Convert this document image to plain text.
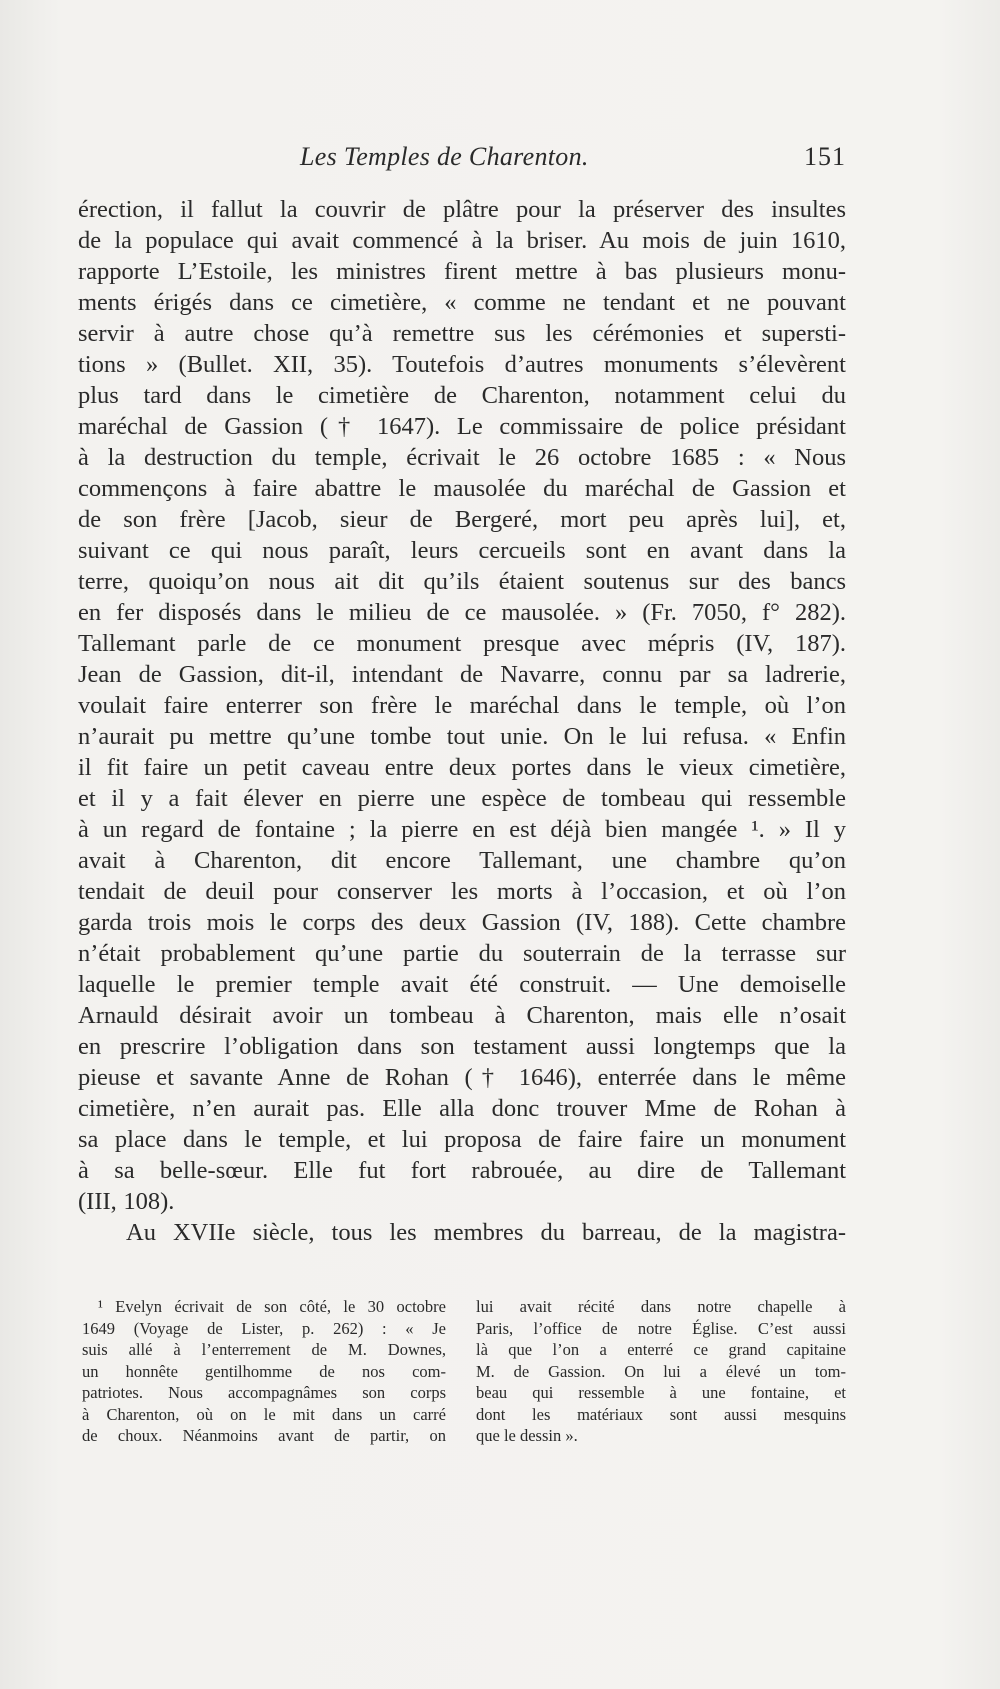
Les Temples de Charenton.	151
érection, il fallut la couvrir de plâtre pour la préserver des insultes
de la populace qui avait commencé à la briser. Au mois de juin 1610,
rapporte L’Estoile, les ministres firent mettre à bas plusieurs monu-
ments érigés dans ce cimetière, « comme ne tendant et ne pouvant
servir à autre chose qu’à remettre sus les cérémonies et supersti-
tions » (Bullet. XII, 35). Toutefois d’autres monuments s’élevèrent
plus tard dans le cimetière de Charenton, notamment celui du
maréchal de Gassion († 1647). Le commissaire de police présidant
à la destruction du temple, écrivait le 26 octobre 1685 : « Nous
commençons à faire abattre le mausolée du maréchal de Gassion et
de son frère [Jacob, sieur de Bergeré, mort peu après lui], et,
suivant ce qui nous paraît, leurs cercueils sont en avant dans la
terre, quoiqu’on nous ait dit qu’ils étaient soutenus sur des bancs
en fer disposés dans le milieu de ce mausolée. » (Fr. 7050, f° 282).
Tallemant parle de ce monument presque avec mépris (IV, 187).
Jean de Gassion, dit-il, intendant de Navarre, connu par sa ladrerie,
voulait faire enterrer son frère le maréchal dans le temple, où l’on
n’aurait pu mettre qu’une tombe tout unie. On le lui refusa. « Enfin
il fit faire un petit caveau entre deux portes dans le vieux cimetière,
et il y a fait élever en pierre une espèce de tombeau qui ressemble
à un regard de fontaine ; la pierre en est déjà bien mangée ¹. » Il y
avait à Charenton, dit encore Tallemant, une chambre qu’on
tendait de deuil pour conserver les morts à l’occasion, et où l’on
garda trois mois le corps des deux Gassion (IV, 188). Cette chambre
n’était probablement qu’une partie du souterrain de la terrasse sur
laquelle le premier temple avait été construit. — Une demoiselle
Arnauld désirait avoir un tombeau à Charenton, mais elle n’osait
en prescrire l’obligation dans son testament aussi longtemps que la
pieuse et savante Anne de Rohan († 1646), enterrée dans le même
cimetière, n’en aurait pas. Elle alla donc trouver Mme de Rohan à
sa place dans le temple, et lui proposa de faire faire un monument
à sa belle-sœur. Elle fut fort rabrouée, au dire de Tallemant
(III, 108).
Au XVIIe siècle, tous les membres du barreau, de la magistra-
¹ Evelyn écrivait de son côté, le 30 octobre
1649 (Voyage de Lister, p. 262) : « Je
suis allé à l’enterrement de M. Downes,
un honnête gentilhomme de nos com-
patriotes. Nous accompagnâmes son corps
à Charenton, où on le mit dans un carré
de choux. Néanmoins avant de partir, on
lui avait récité dans notre chapelle à
Paris, l’office de notre Église. C’est aussi
là que l’on a enterré ce grand capitaine
M. de Gassion. On lui a élevé un tom-
beau qui ressemble à une fontaine, et
dont les matériaux sont aussi mesquins
que le dessin ».
